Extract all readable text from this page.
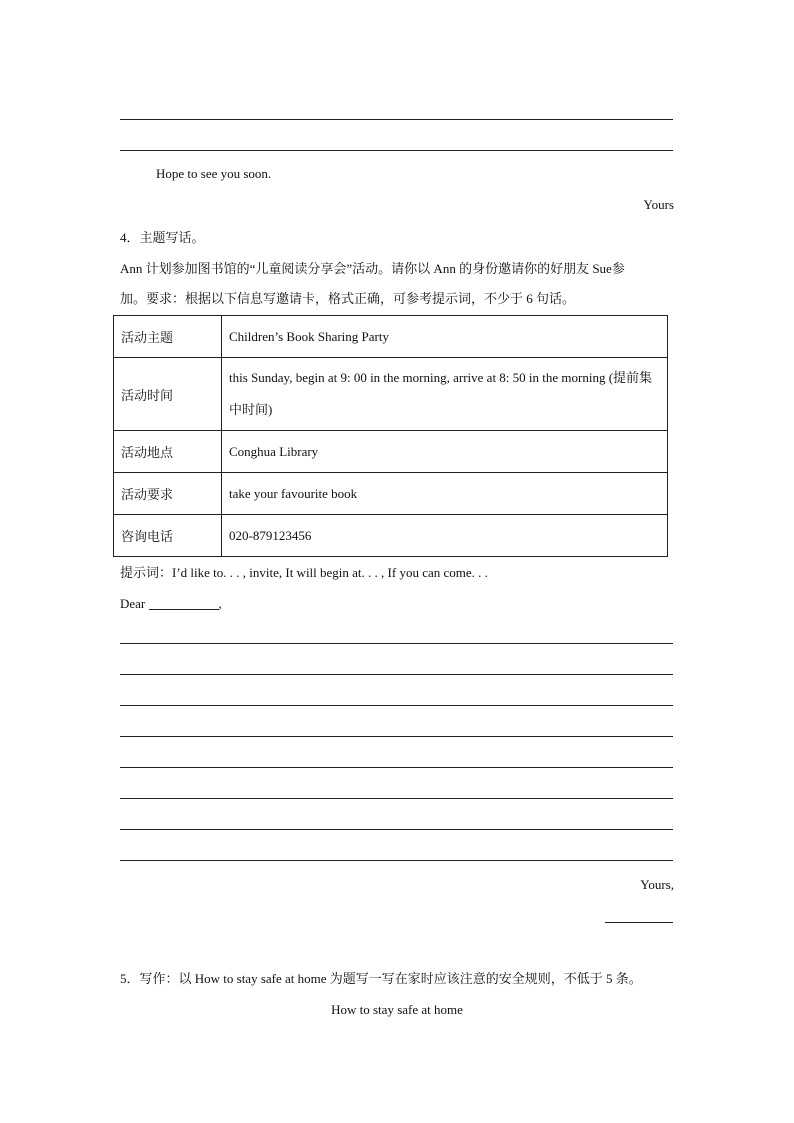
Hope to see you soon.
Yours
4．主题写话。
Ann 计划参加图书馆的“儿童阅读分享会”活动。请你以 Ann 的身份邀请你的好朋友 Sue参
加。要求：根据以下信息写邀请卡，格式正确，可参考提示词，不少于 6 句话。
活动主题	Children’s Book Sharing Party
活动时间	this Sunday, begin at 9: 00 in the morning, arrive at 8: 50 in the morning (提前集中时间)
活动地点	Conghua Library
活动要求	take your favourite book
咨询电话	020-879123456
提示词：I’d like to. . . , invite, It will begin at. . . , If you can come. . .
Dear	,
Yours,
5．写作：以 How to stay safe at home 为题写一写在家时应该注意的安全规则，不低于 5 条。
How to stay safe at home
